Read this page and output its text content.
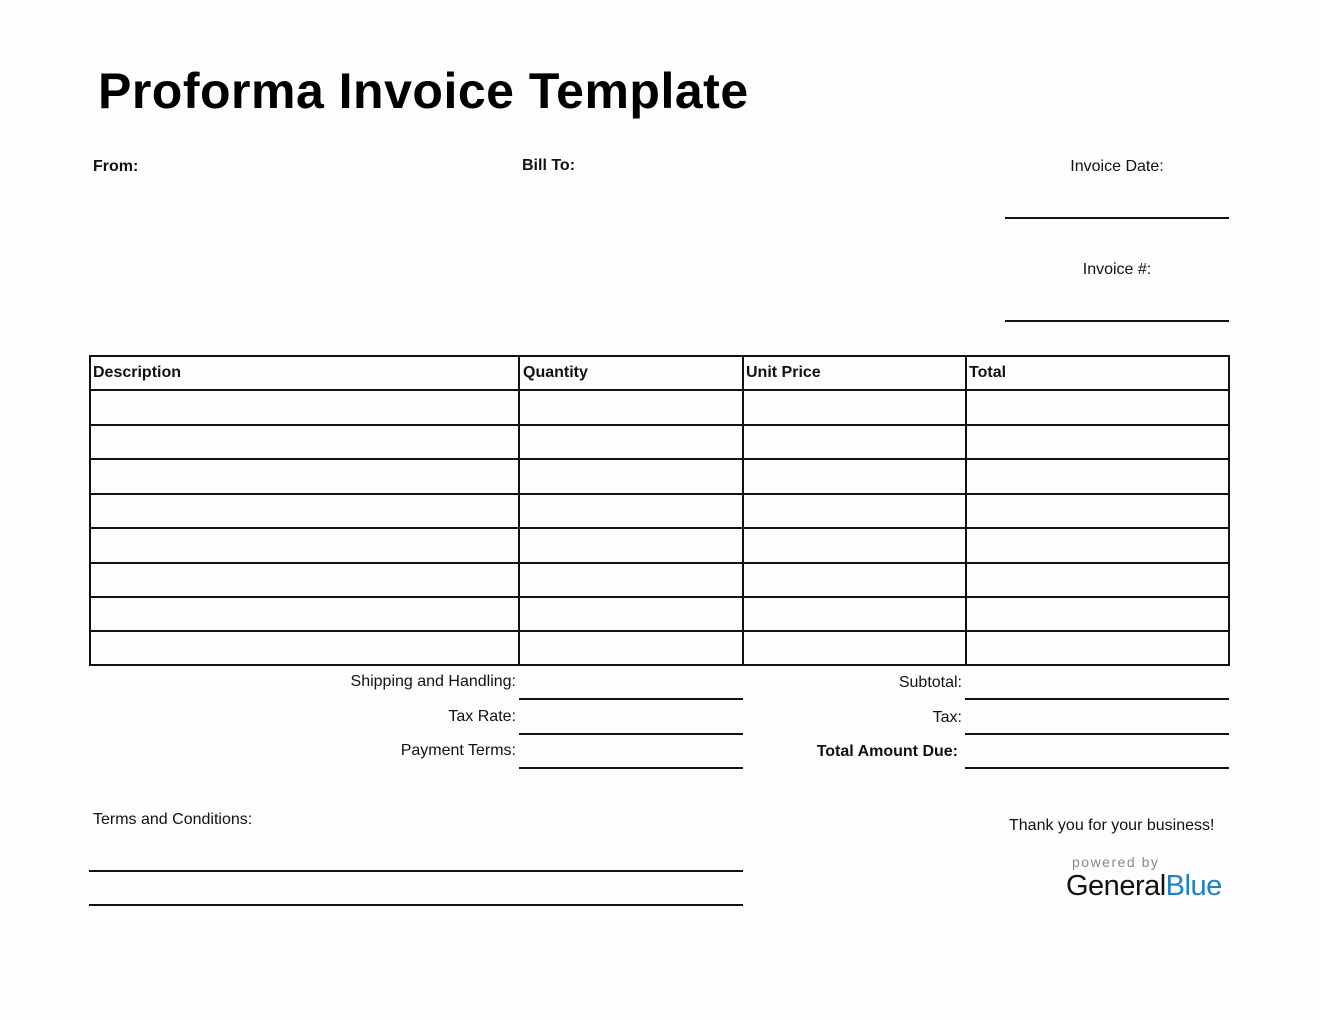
Proforma Invoice Template
From:	Bill To:	Invoice Date:
Invoice #:
Description	Quantity	Unit Price	Total
Shipping and Handling:
Tax Rate:
Payment Terms:
Subtotal:
Tax:
Total Amount Due:
Terms and Conditions:	Thank you for your business!
powered by
GeneralBlue
